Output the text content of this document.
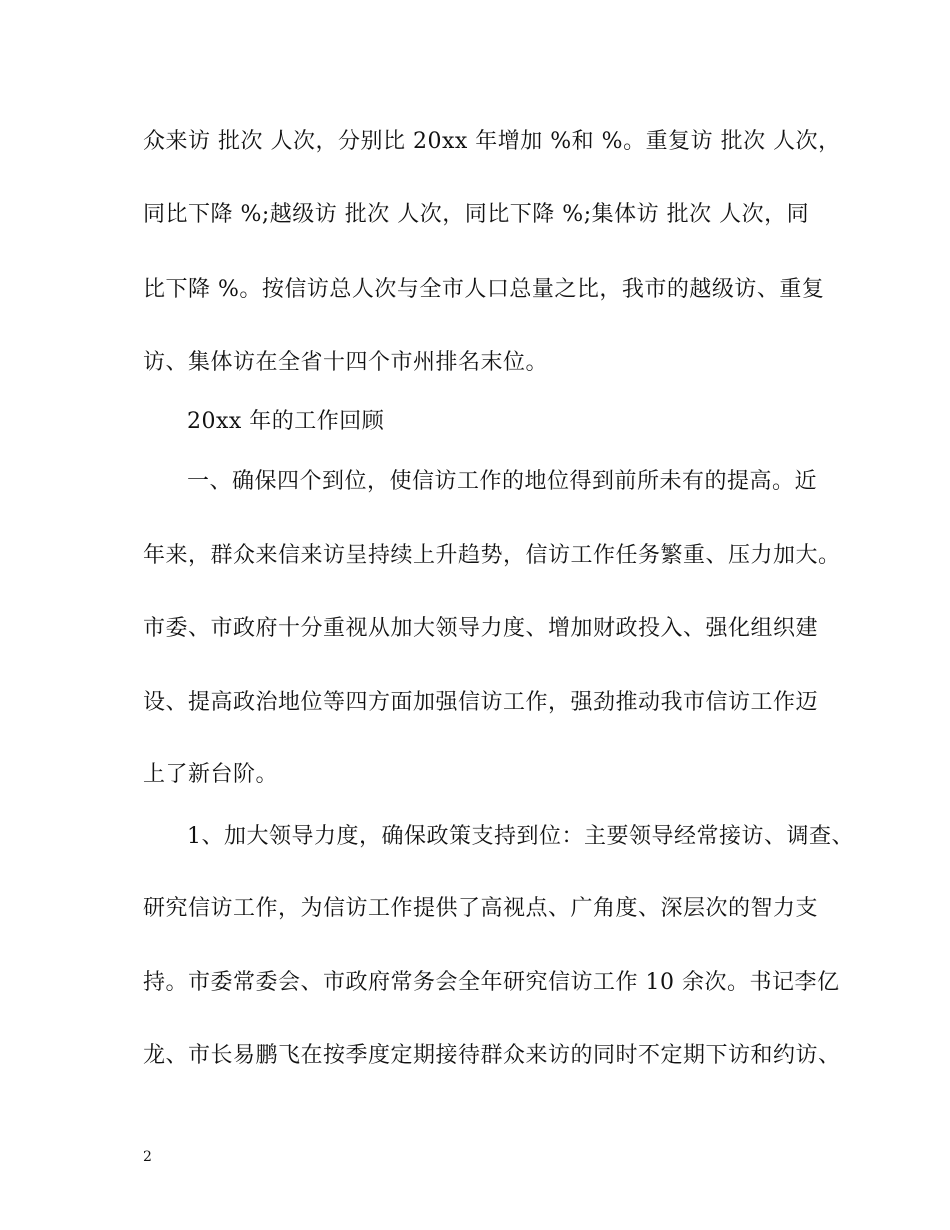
众来访 批次 人次，分别比 20xx 年增加 %和 %。重复访 批次 人次，
同比下降 %;越级访 批次 人次，同比下降 %;集体访 批次 人次，同
比下降 %。按信访总人次与全市人口总量之比，我市的越级访、重复
访、集体访在全省十四个市州排名末位。
20xx 年的工作回顾
一、确保四个到位，使信访工作的地位得到前所未有的提高。近
年来，群众来信来访呈持续上升趋势，信访工作任务繁重、压力加大。
市委、市政府十分重视从加大领导力度、增加财政投入、强化组织建
设、提高政治地位等四方面加强信访工作，强劲推动我市信访工作迈
上了新台阶。
1、加大领导力度，确保政策支持到位：主要领导经常接访、调查、
研究信访工作，为信访工作提供了高视点、广角度、深层次的智力支
持。市委常委会、市政府常务会全年研究信访工作 10 余次。书记李亿
龙、市长易鹏飞在按季度定期接待群众来访的同时不定期下访和约访、
2
